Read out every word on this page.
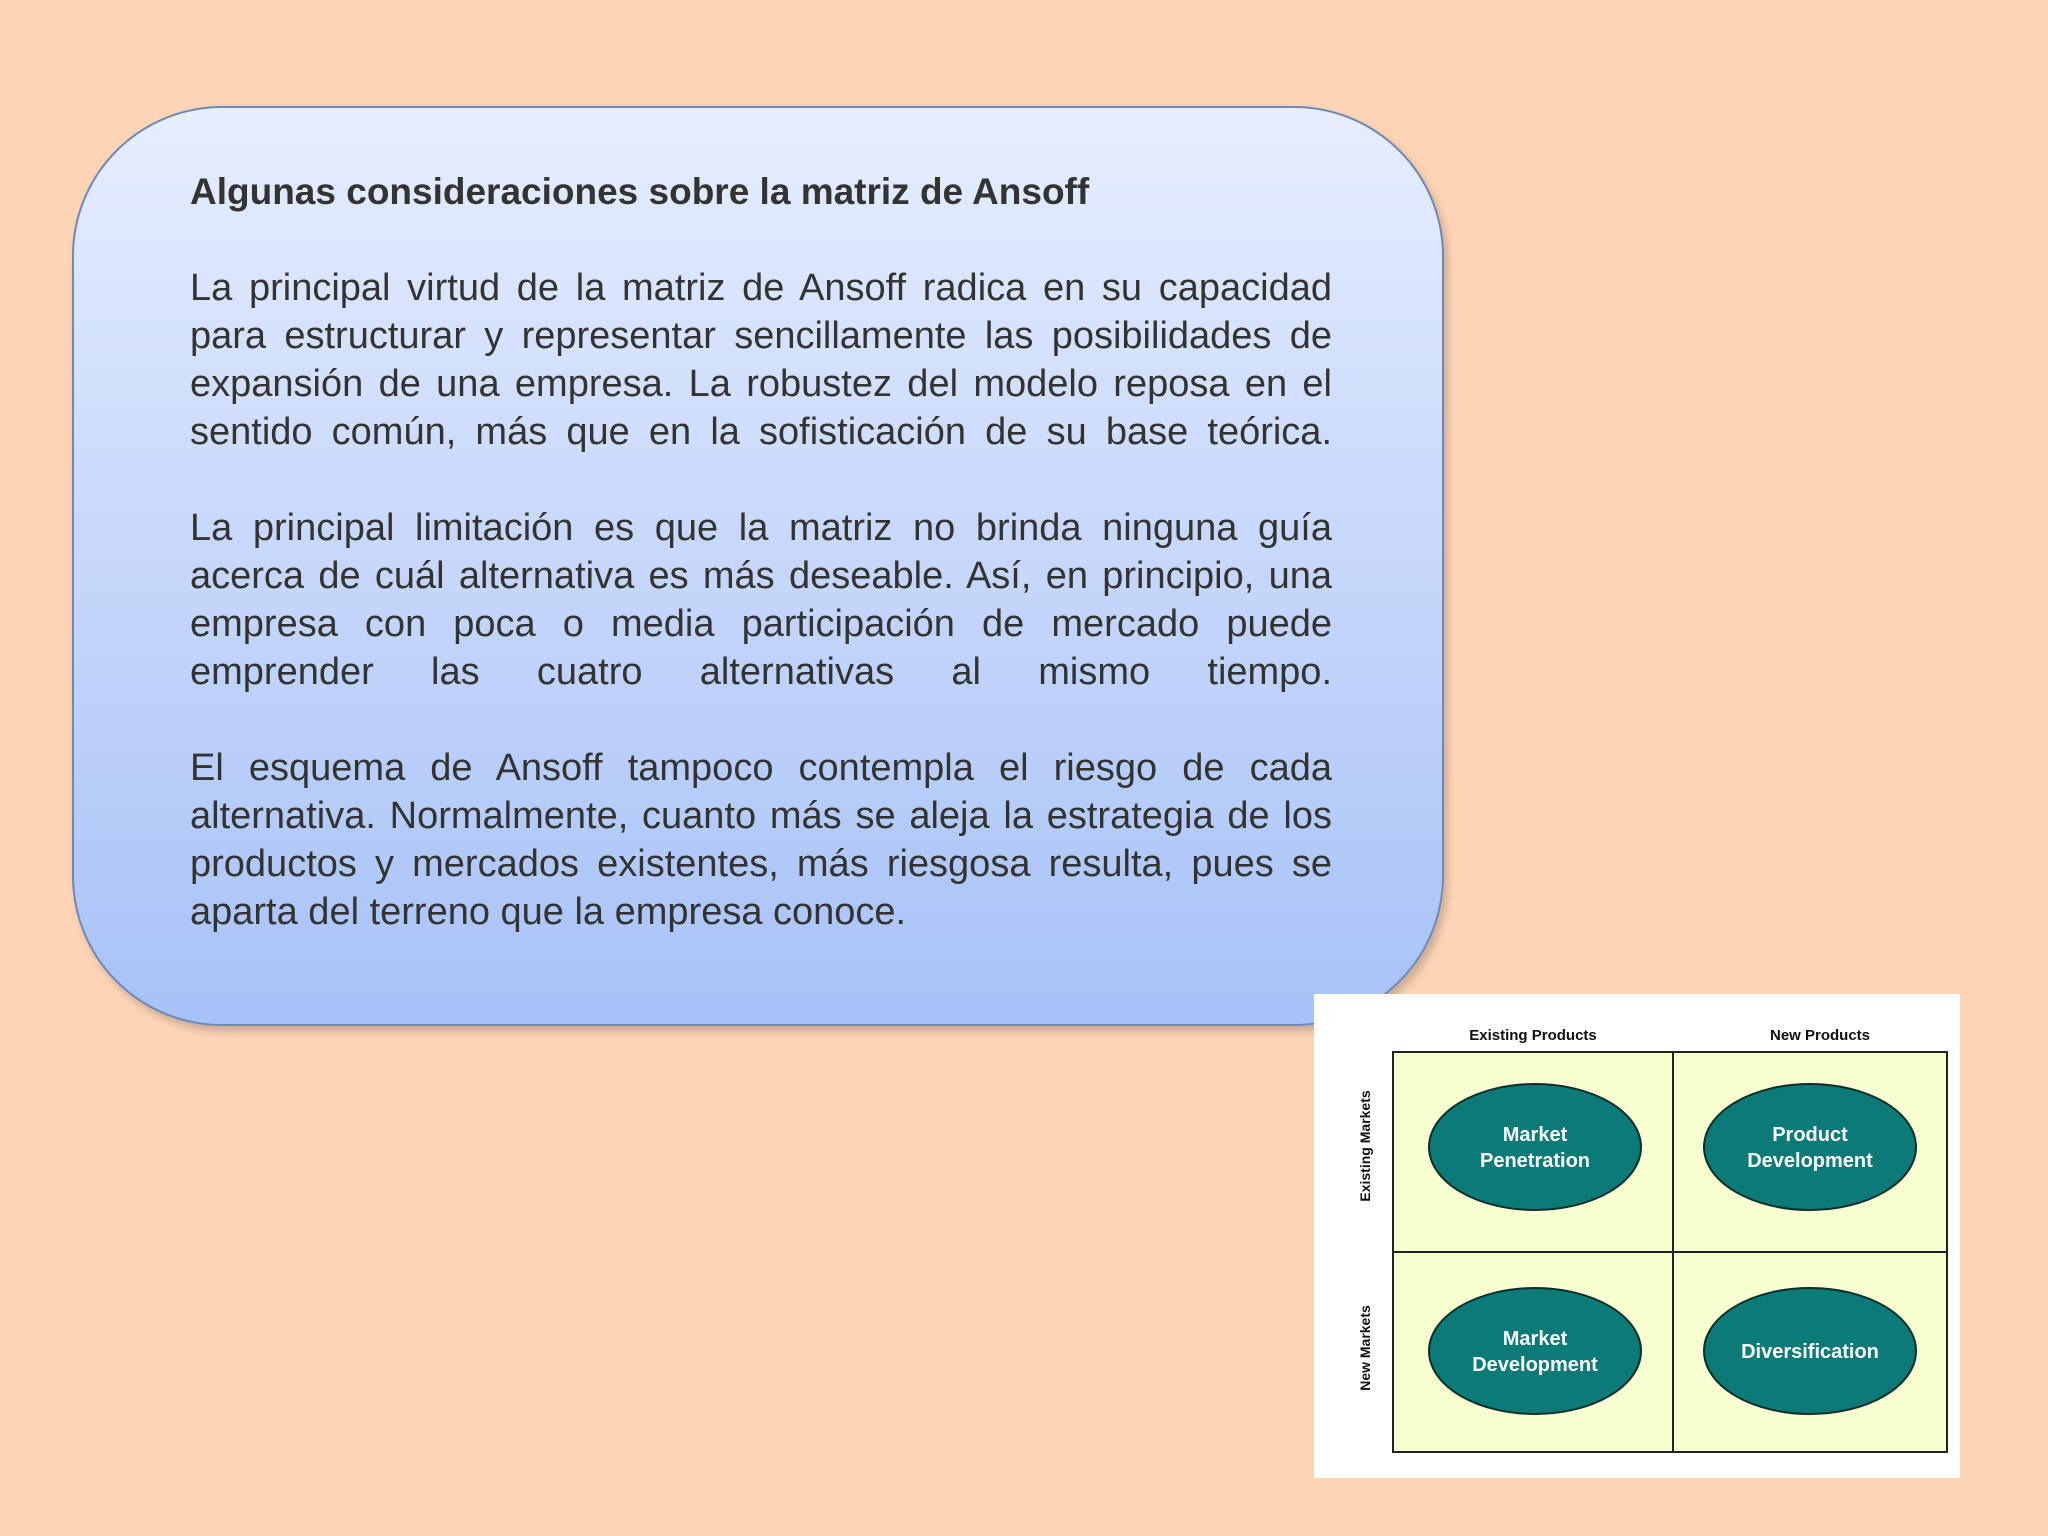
Algunas consideraciones sobre la matriz de Ansoff

La principal virtud de la matriz de Ansoff radica en su capacidad para estructurar y representar sencillamente las posibilidades de expansión de una empresa. La robustez del modelo reposa en el sentido común, más que en la sofisticación de su base teórica.

La principal limitación es que la matriz no brinda ninguna guía acerca de cuál alternativa es más deseable. Así, en principio, una empresa con poca o media participación de mercado puede emprender las cuatro alternativas al mismo tiempo.

El esquema de Ansoff tampoco contempla el riesgo de cada alternativa. Normalmente, cuanto más se aleja la estrategia de los productos y mercados existentes, más riesgosa resulta, pues se aparta del terreno que la empresa conoce.

Existing Products	New Products
Existing Markets
New Markets
Market
Penetration
Product
Development
Market
Development
Diversification
